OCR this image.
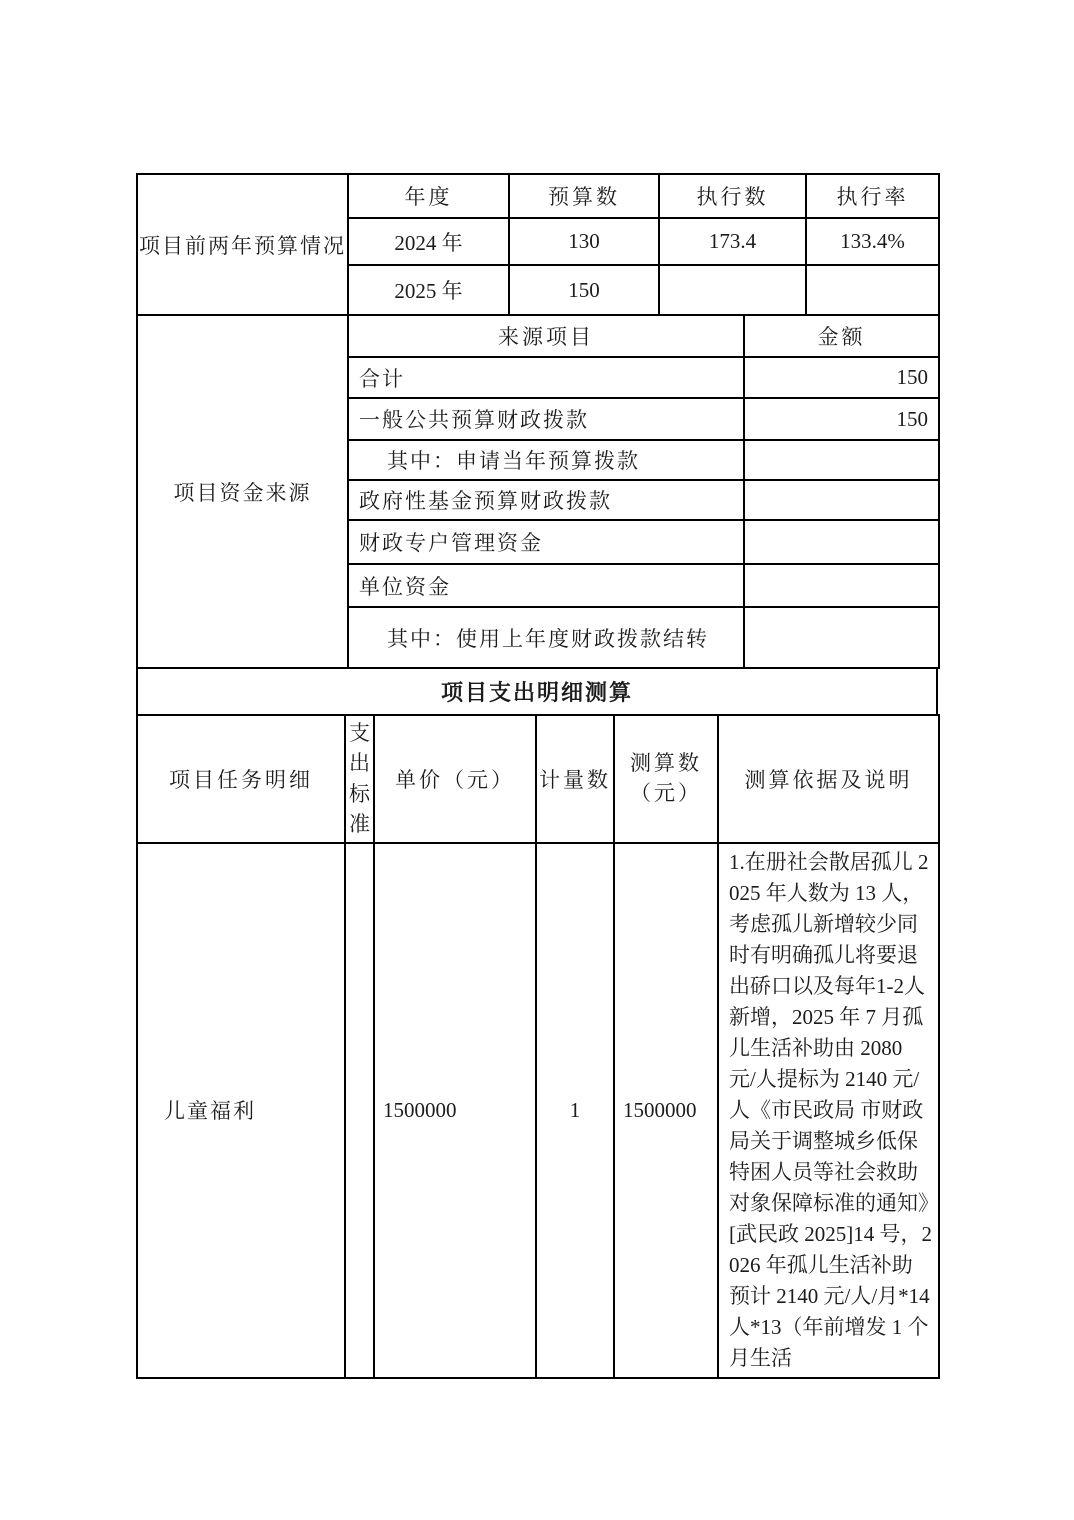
项目前两年预算情况	年度	预算数	执行数	执行率
	2024 年	130	173.4	133.4%
	2025 年	150		
项目资金来源	来源项目	金额
	合计	150
	一般公共预算财政拨款	150
	其中：申请当年预算拨款	
	政府性基金预算财政拨款	
	财政专户管理资金	
	单位资金	
	其中：使用上年度财政拨款结转	
项目支出明细测算
项目任务明细	支出标准	单价（元）	计量数	测算数（元）	测算依据及说明
儿童福利		1500000	1	1500000	1.在册社会散居孤儿 2025 年人数为 13 人，考虑孤儿新增较少同时有明确孤儿将要退出硚口以及每年1-2人新增，2025 年 7 月孤儿生活补助由 2080 元/人提标为 2140 元/人《市民政局 市财政局关于调整城乡低保特困人员等社会救助对象保障标准的通知》[武民政 2025]14 号，2026 年孤儿生活补助预计 2140 元/人/月*14 人*13（年前增发 1 个月生活
